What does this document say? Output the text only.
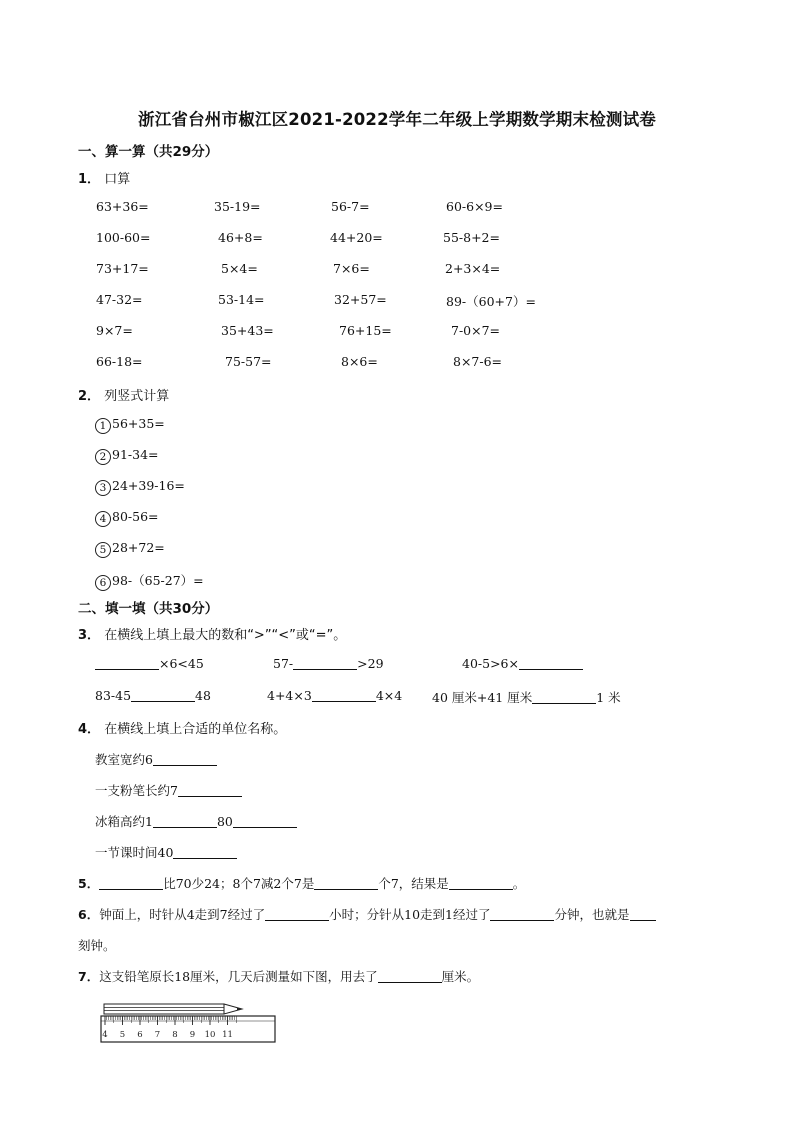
浙江省台州市椒江区2021-2022学年二年级上学期数学期末检测试卷
一、算一算（共29分）
1． 口算
63+36=	35-19=	56-7=	60-6×9=
100-60=	46+8=	44+20=	55-8+2=
73+17=	5×4=	7×6=	2+3×4=
47-32=	53-14=	32+57=	89-（60+7）=
9×7=	35+43=	76+15=	7-0×7=
66-18=	75-57=	8×6=	8×7-6=
2． 列竖式计算
1 56+35=
2 91-34=
3 24+39-16=
4 80-56=
5 28+72=
6 98-（65-27）=
二、填一填（共30分）
3． 在横线上填上最大的数和“>”“<”或“=”。
×6<45	57-	>29	40-5>6×
83-45	48	4+4×3	4×4 40 厘米+41 厘米	1 米
4． 在横线上填上合适的单位名称。
教室宽约6
一支粉笔长约7
冰箱高约1	80
一节课时间40
5．	比70少24；8个7减2个7是	个7，结果是	。
6．钟面上，时针从4走到7经过了	小时；分针从10走到1经过了	分钟，也就是
刻钟。
7．这支铅笔原长18厘米，几天后测量如下图，用去了	厘米。
4 5 6 7 8 9 10 11
